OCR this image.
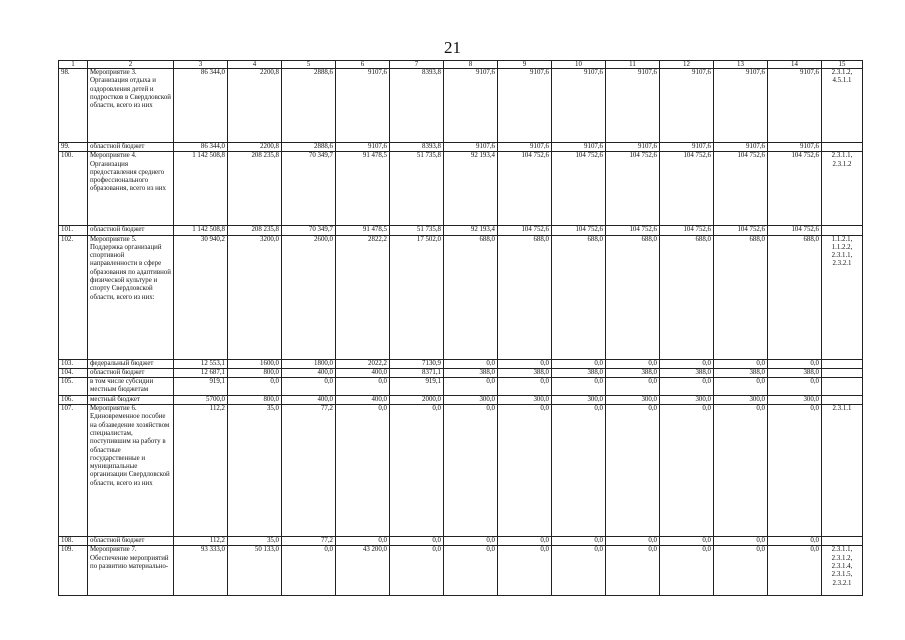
21
1	2	3	4	5	6	7	8	9	10	11	12	13	14	15
98.	Мероприятие 3. Организация отдыха и оздоровления детей и подростков в Свердловской области, всего из них	86 344,0	2200,8	2888,6	9107,6	8393,8	9107,6	9107,6	9107,6	9107,6	9107,6	9107,6	9107,6	2.3.1.2, 4.5.1.1
99.	областной бюджет	86 344,0	2200,8	2888,6	9107,6	8393,8	9107,6	9107,6	9107,6	9107,6	9107,6	9107,6	9107,6	
100.	Мероприятие 4. Организация предоставления среднего профессионального образования, всего из них	1 142 508,8	208 235,8	70 349,7	91 478,5	51 735,8	92 193,4	104 752,6	104 752,6	104 752,6	104 752,6	104 752,6	104 752,6	2.3.1.1, 2.3.1.2
101.	областной бюджет	1 142 508,8	208 235,8	70 349,7	91 478,5	51 735,8	92 193,4	104 752,6	104 752,6	104 752,6	104 752,6	104 752,6	104 752,6	
102.	Мероприятие 5. Поддержка организаций спортивной направленности в сфере образования по адаптивной физической культуре и спорту Свердловской области, всего из них:	30 940,2	3200,0	2600,0	2822,2	17 502,0	688,0	688,0	688,0	688,0	688,0	688,0	688,0	1.1.2.1, 1.1.2.2, 2.3.1.1, 2.3.2.1
103.	федеральный бюджет	12 553,1	1600,0	1800,0	2022,2	7130,9	0,0	0,0	0,0	0,0	0,0	0,0	0,0	
104.	областной бюджет	12 687,1	800,0	400,0	400,0	8371,1	388,0	388,0	388,0	388,0	388,0	388,0	388,0	
105.	в том числе субсидии местным бюджетам	919,1	0,0	0,0	0,0	919,1	0,0	0,0	0,0	0,0	0,0	0,0	0,0	
106.	местный бюджет	5700,0	800,0	400,0	400,0	2000,0	300,0	300,0	300,0	300,0	300,0	300,0	300,0	
107.	Мероприятие 6. Единовременное пособие на обзаведение хозяйством специалистам, поступившим на работу в областные государственные и муниципальные организации Свердловской области, всего из них	112,2	35,0	77,2	0,0	0,0	0,0	0,0	0,0	0,0	0,0	0,0	0,0	2.3.1.1
108.	областной бюджет	112,2	35,0	77,2	0,0	0,0	0,0	0,0	0,0	0,0	0,0	0,0	0,0	
109.	Мероприятие 7. Обеспечение мероприятий по развитию материально-	93 333,0	50 133,0	0,0	43 200,0	0,0	0,0	0,0	0,0	0,0	0,0	0,0	0,0	2.3.1.1, 2.3.1.2, 2.3.1.4, 2.3.1.5, 2.3.2.1
